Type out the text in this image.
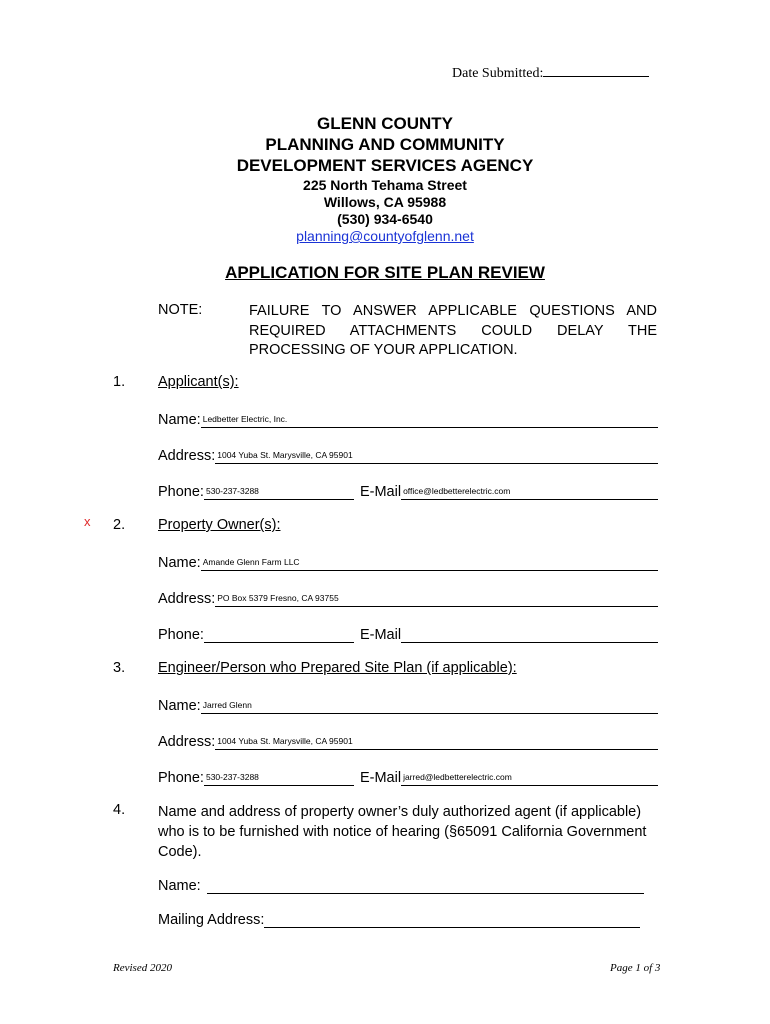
Date Submitted:
GLENN COUNTY
PLANNING AND COMMUNITY
DEVELOPMENT SERVICES AGENCY
225 North Tehama Street
Willows, CA 95988
(530) 934-6540
planning@countyofglenn.net
APPLICATION FOR SITE PLAN REVIEW
NOTE:	FAILURE TO ANSWER APPLICABLE QUESTIONS AND REQUIRED ATTACHMENTS COULD DELAY THE PROCESSING OF YOUR APPLICATION.
1. Applicant(s):
Name: Ledbetter Electric, Inc.
Address: 1004 Yuba St. Marysville, CA 95901
Phone: 530-237-3288	E-Mail office@ledbetterelectric.com
x 2. Property Owner(s):
Name: Amande Glenn Farm LLC
Address: PO Box 5379 Fresno, CA 93755
Phone:	E-Mail
3. Engineer/Person who Prepared Site Plan (if applicable):
Name: Jarred Glenn
Address: 1004 Yuba St. Marysville, CA 95901
Phone: 530-237-3288	E-Mail jarred@ledbetterelectric.com
4. Name and address of property owner’s duly authorized agent (if applicable) who is to be furnished with notice of hearing (§65091 California Government Code).
Name:
Mailing Address:
Revised 2020	Page 1 of 3
